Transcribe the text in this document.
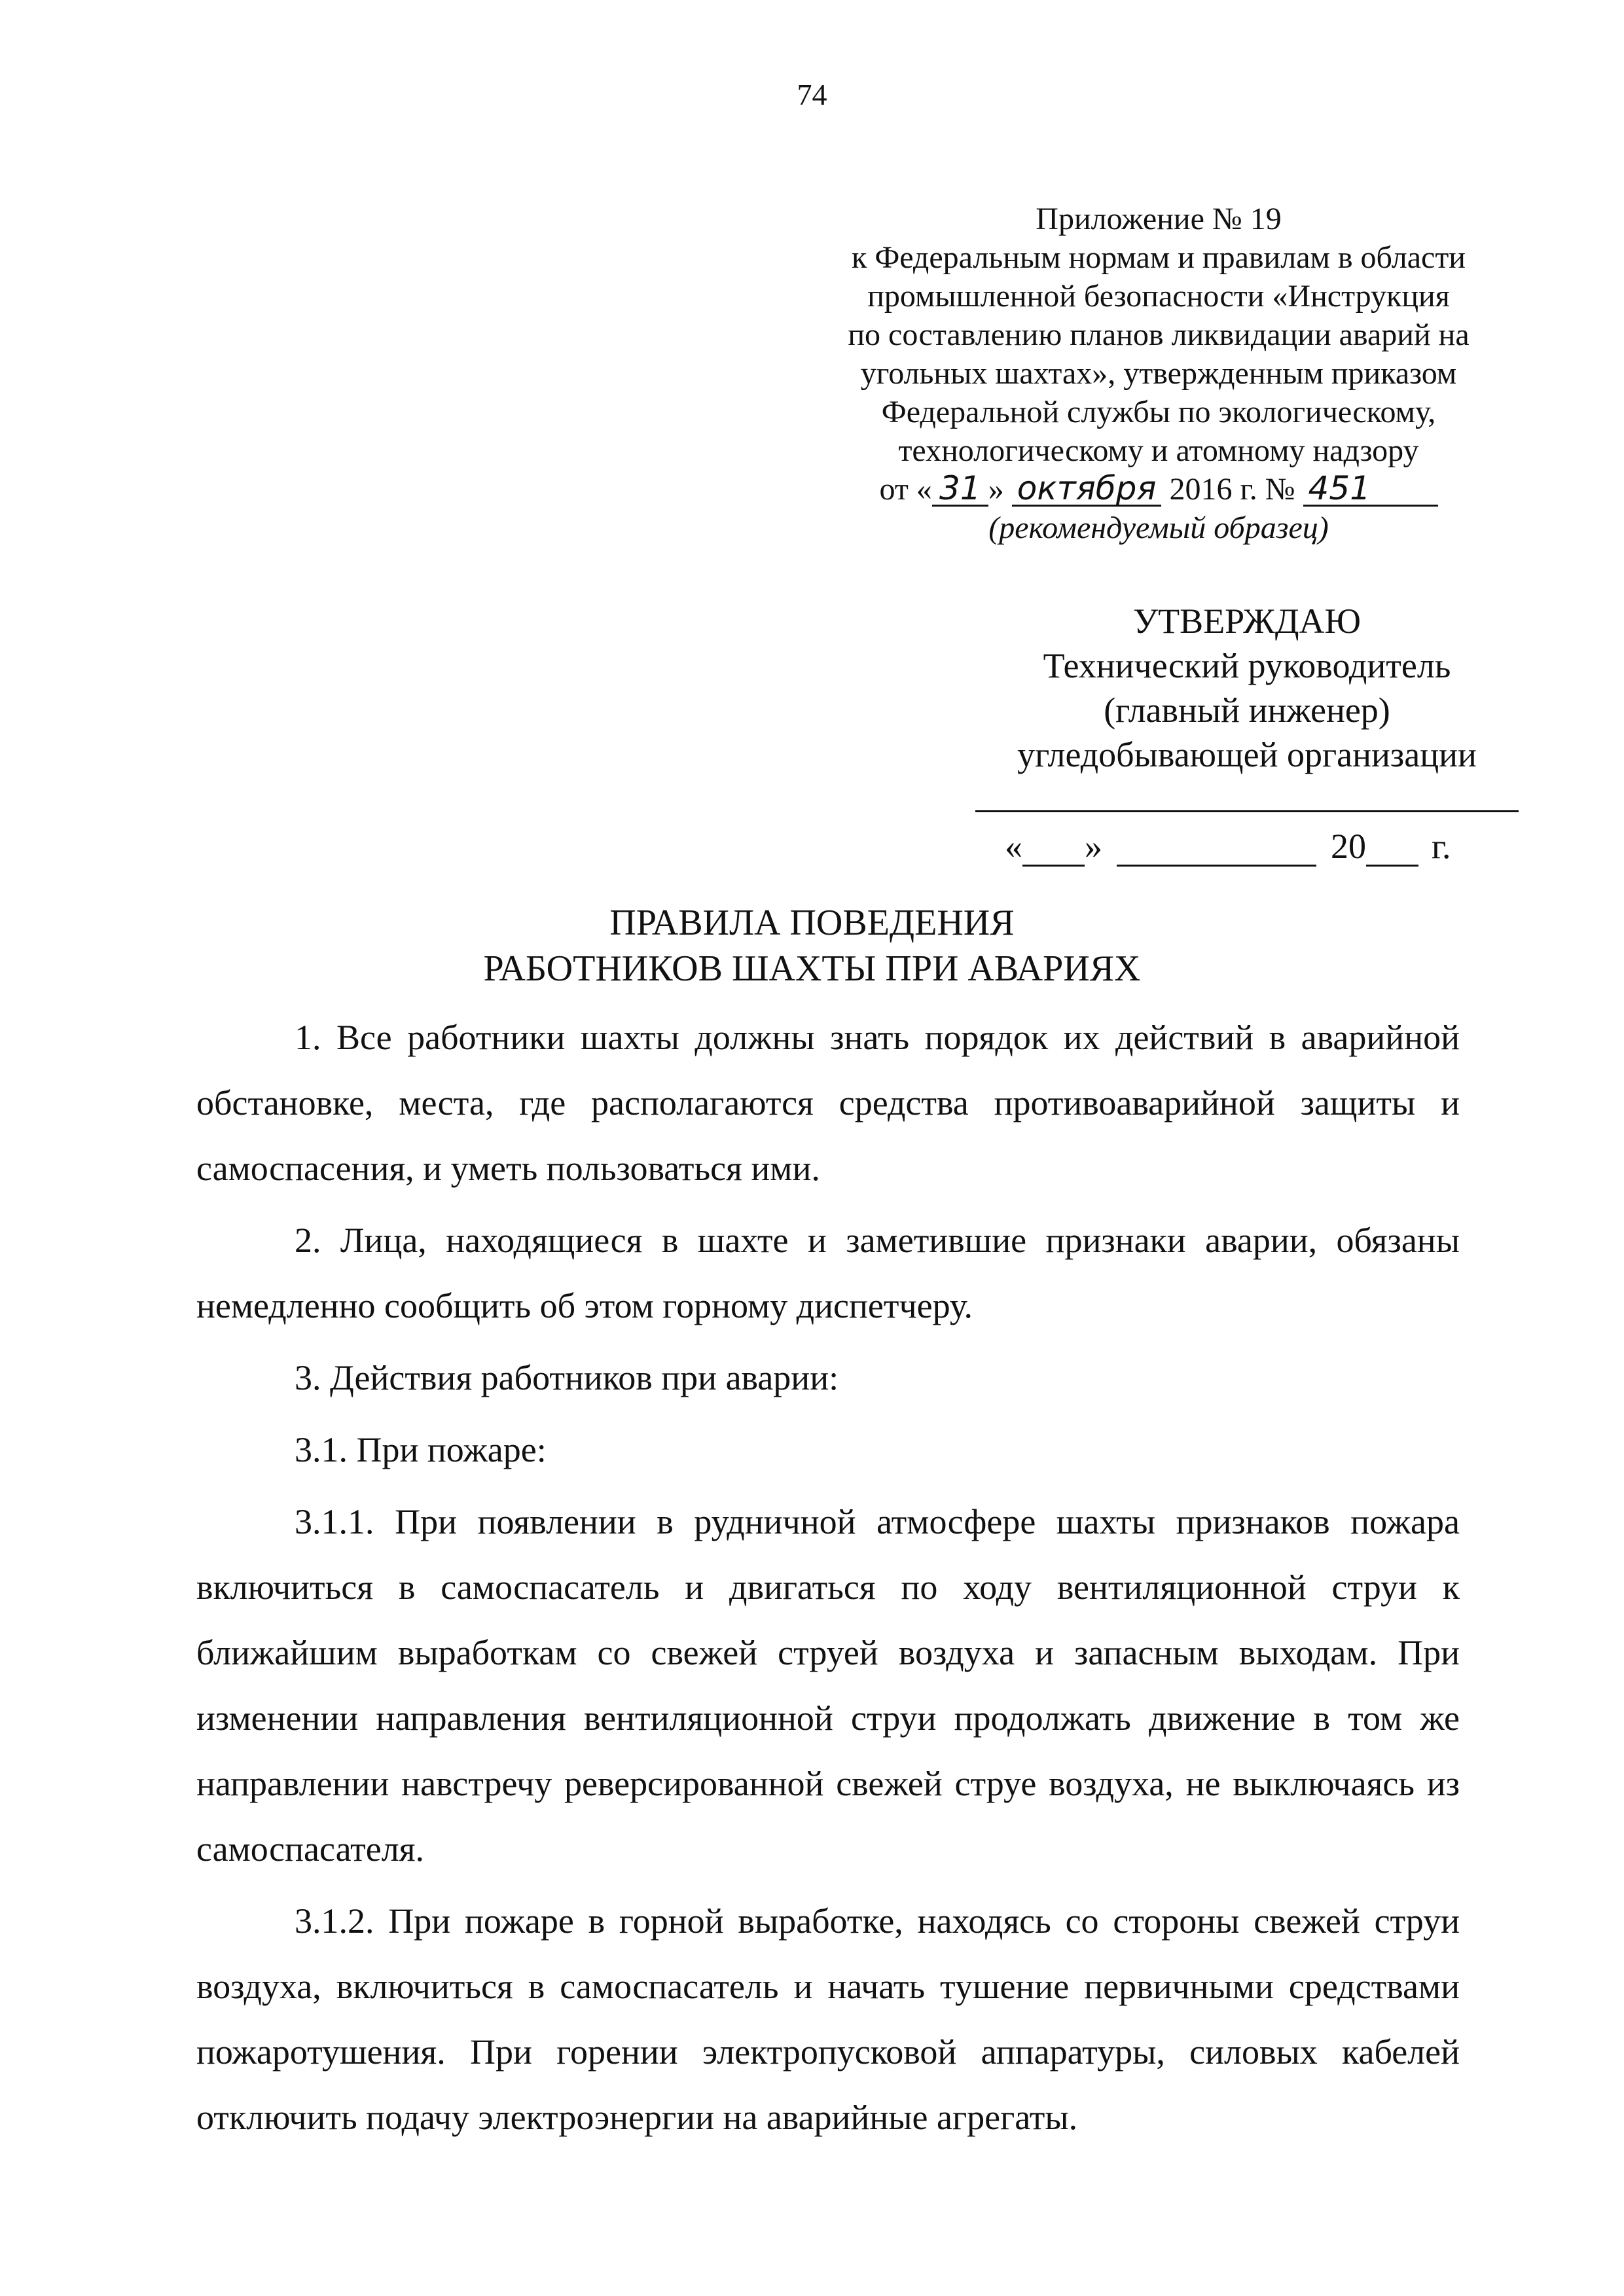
74
Приложение № 19
к Федеральным нормам и правилам в области
промышленной безопасности «Инструкция
по составлению планов ликвидации аварий на
угольных шахтах», утвержденным приказом
Федеральной службы по экологическому,
технологическому и атомному надзору
от « 31 » октября 2016 г. № 451
(рекомендуемый образец)
УТВЕРЖДАЮ
Технический руководитель
(главный инженер)
угледобывающей организации
« »	20 г.
ПРАВИЛА ПОВЕДЕНИЯ
РАБОТНИКОВ ШАХТЫ ПРИ АВАРИЯХ

1. Все работники шахты должны знать порядок их действий в аварийной обстановке, места, где располагаются средства противоаварийной защиты и самоспасения, и уметь пользоваться ими.

2. Лица, находящиеся в шахте и заметившие признаки аварии, обязаны немедленно сообщить об этом горному диспетчеру.

3. Действия работников при аварии:

3.1. При пожаре:

3.1.1. При появлении в рудничной атмосфере шахты признаков пожара включиться в самоспасатель и двигаться по ходу вентиляционной струи к ближайшим выработкам со свежей струей воздуха и запасным выходам. При изменении направления вентиляционной струи продолжать движение в том же направлении навстречу реверсированной свежей струе воздуха, не выключаясь из самоспасателя.

3.1.2. При пожаре в горной выработке, находясь со стороны свежей струи воздуха, включиться в самоспасатель и начать тушение первичными средствами пожаротушения. При горении электропусковой аппаратуры, силовых кабелей отключить подачу электроэнергии на аварийные агрегаты.
